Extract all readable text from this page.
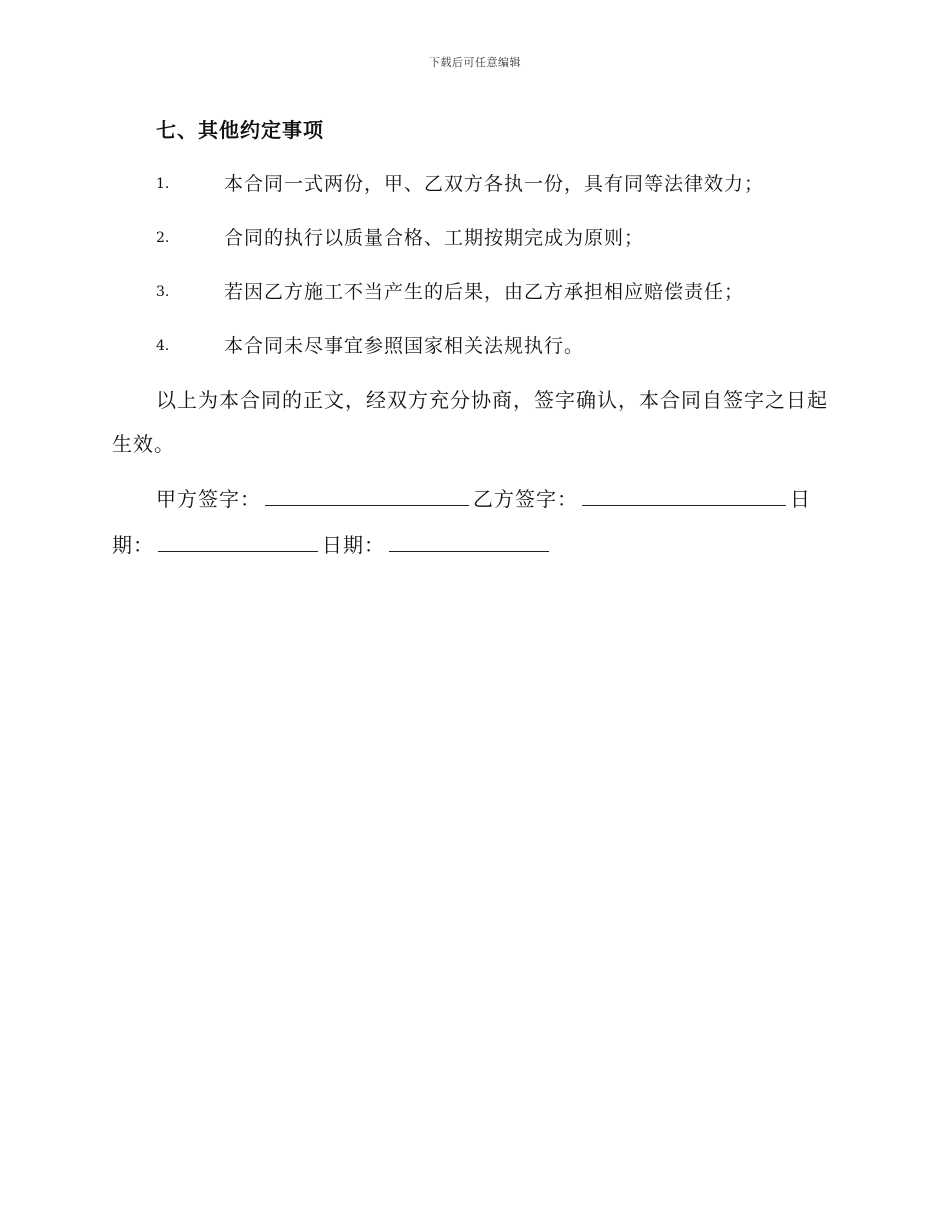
下载后可任意编辑
七、其他约定事项
1.	本合同一式两份，甲、乙双方各执一份，具有同等法律效力；
2.	合同的执行以质量合格、工期按期完成为原则；
3.	若因乙方施工不当产生的后果，由乙方承担相应赔偿责任；
4.	本合同未尽事宜参照国家相关法规执行。
以上为本合同的正文，经双方充分协商，签字确认，本合同自签字之日起生效。
甲方签字：	乙方签字：	日
期：	日期：
